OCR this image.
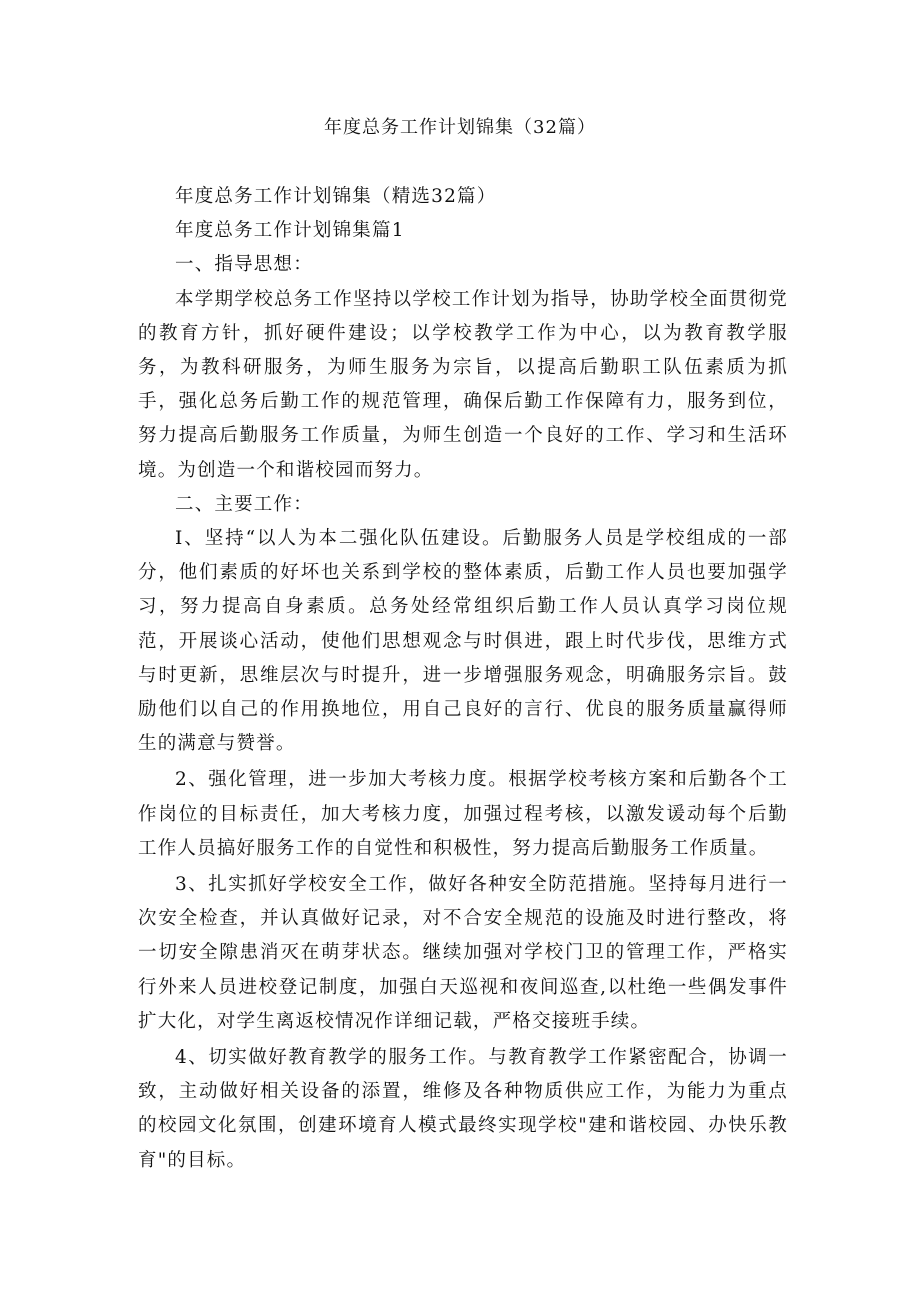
年度总务工作计划锦集（32篇）

年度总务工作计划锦集（精选32篇）

年度总务工作计划锦集篇1

一、指导思想：

本学期学校总务工作坚持以学校工作计划为指导，协助学校全面贯彻党的教育方针，抓好硬件建设；以学校教学工作为中心，以为教育教学服务，为教科研服务，为师生服务为宗旨，以提高后勤职工队伍素质为抓手，强化总务后勤工作的规范管理，确保后勤工作保障有力，服务到位，努力提高后勤服务工作质量，为师生创造一个良好的工作、学习和生活环境。为创造一个和谐校园而努力。

二、主要工作：

I、坚持“以人为本二强化队伍建设。后勤服务人员是学校组成的一部分，他们素质的好坏也关系到学校的整体素质，后勤工作人员也要加强学习，努力提高自身素质。总务处经常组织后勤工作人员认真学习岗位规范，开展谈心活动，使他们思想观念与时俱进，跟上时代步伐，思维方式与时更新，思维层次与时提升，进一步增强服务观念，明确服务宗旨。鼓励他们以自己的作用换地位，用自己良好的言行、优良的服务质量赢得师生的满意与赞誉。

2、强化管理，进一步加大考核力度。根据学校考核方案和后勤各个工作岗位的目标责任，加大考核力度，加强过程考核，以激发谖动每个后勤工作人员搞好服务工作的自觉性和积极性，努力提高后勤服务工作质量。

3、扎实抓好学校安全工作，做好各种安全防范措施。坚持每月进行一次安全检查，并认真做好记录，对不合安全规范的设施及时进行整改，将一切安全隙患消灭在萌芽状态。继续加强对学校门卫的管理工作，严格实行外来人员进校登记制度，加强白天巡视和夜间巡查,以杜绝一些偶发事件扩大化，对学生离返校情况作详细记载，严格交接班手续。

4、切实做好教育教学的服务工作。与教育教学工作紧密配合，协调一致，主动做好相关设备的添置，维修及各种物质供应工作，为能力为重点的校园文化氛围，创建环境育人模式最终实现学校"建和谐校园、办快乐教育"的目标。
